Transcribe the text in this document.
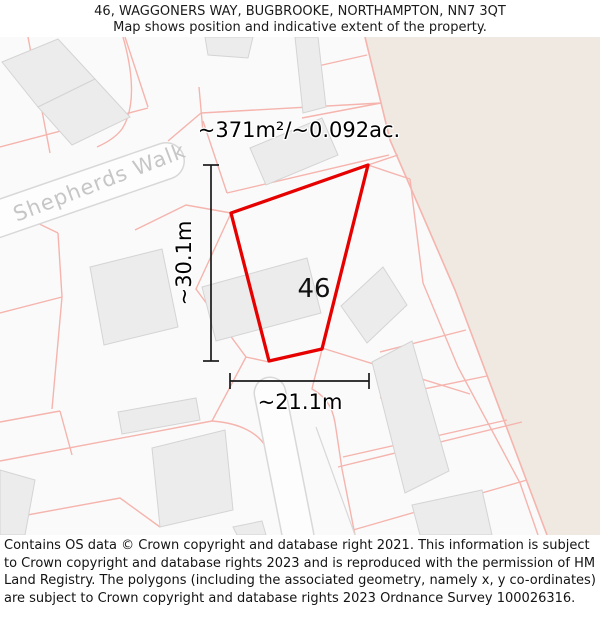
46, WAGGONERS WAY, BUGBROOKE, NORTHAMPTON, NN7 3QT
Map shows position and indicative extent of the property.
~30.1m
~21.1m
~371m²/~0.092ac.
46
Shepherds Walk
Contains OS data © Crown copyright and database right 2021. This information is subject to Crown copyright and database rights 2023 and is reproduced with the permission of HM Land Registry. The polygons (including the associated geometry, namely x, y co-ordinates) are subject to Crown copyright and database rights 2023 Ordnance Survey 100026316.
